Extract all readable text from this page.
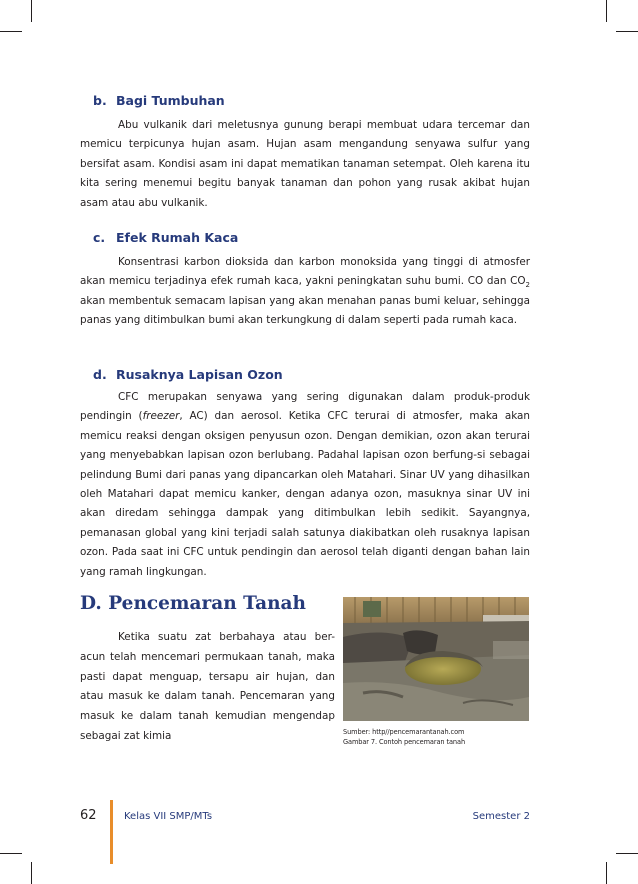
b. Bagi Tumbuhan
Abu vulkanik dari meletusnya gunung berapi membuat udara tercemar dan memicu terpicunya hujan asam. Hujan asam mengandung senyawa sulfur yang bersifat asam. Kondisi asam ini dapat mematikan tanaman setempat. Oleh karena itu kita sering menemui begitu banyak tanaman dan pohon yang rusak akibat hujan asam atau abu vulkanik.
c. Efek Rumah Kaca
Konsentrasi karbon dioksida dan karbon monoksida yang tinggi di atmosfer akan memicu terjadinya efek rumah kaca, yakni peningkatan suhu bumi. CO dan $CO_2$ akan membentuk semacam lapisan yang akan menahan panas bumi keluar, sehingga panas yang ditimbulkan bumi akan terkungkung di dalam seperti pada rumah kaca.
d. Rusaknya Lapisan Ozon
CFC merupakan senyawa yang sering digunakan dalam produk-produk pendingin (freezer, AC) dan aerosol. Ketika CFC terurai di atmosfer, maka akan memicu reaksi dengan oksigen penyusun ozon. Dengan demikian, ozon akan terurai yang menyebabkan lapisan ozon berlubang. Padahal lapisan ozon berfung-si sebagai pelindung Bumi dari panas yang dipancarkan oleh Matahari. Sinar UV yang dihasilkan oleh Matahari dapat memicu kanker, dengan adanya ozon, masuknya sinar UV ini akan diredam sehingga dampak yang ditimbulkan lebih sedikit. Sayangnya, pemanasan global yang kini terjadi salah satunya diakibatkan oleh rusaknya lapisan ozon. Pada saat ini CFC untuk pendingin dan aerosol telah diganti dengan bahan lain yang ramah lingkungan.
D. Pencemaran Tanah
Ketika suatu zat berbahaya atau ber-acun telah mencemari permukaan tanah, maka pasti dapat menguap, tersapu air hujan, dan atau masuk ke dalam tanah. Pencemaran yang masuk ke dalam tanah kemudian mengendap sebagai zat kimia	Sumber: http//pencemarantanah.com
Gambar 7. Contoh pencemaran tanah
62	Kelas VII SMP/MTs	Semester 2
